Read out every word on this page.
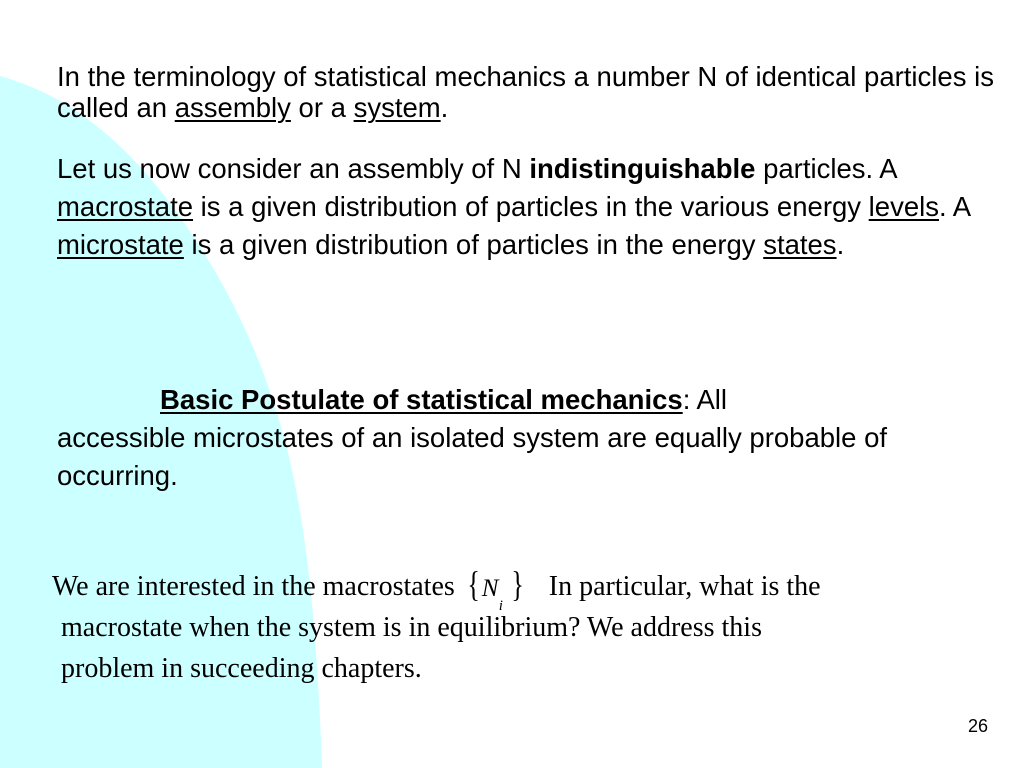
In the terminology of statistical mechanics a number N of identical particles is called an assembly or a system.

Let us now consider an assembly of N indistinguishable particles. A macrostate is a given distribution of particles in the various energy levels. A microstate is a given distribution of particles in the energy states.

Basic Postulate of statistical mechanics: All
accessible microstates of an isolated system are equally probable of occurring.

We are interested in the macrostates { N
i
} In particular, what is the
macrostate when the system is in equilibrium? We address this
problem in succeeding chapters.
26
